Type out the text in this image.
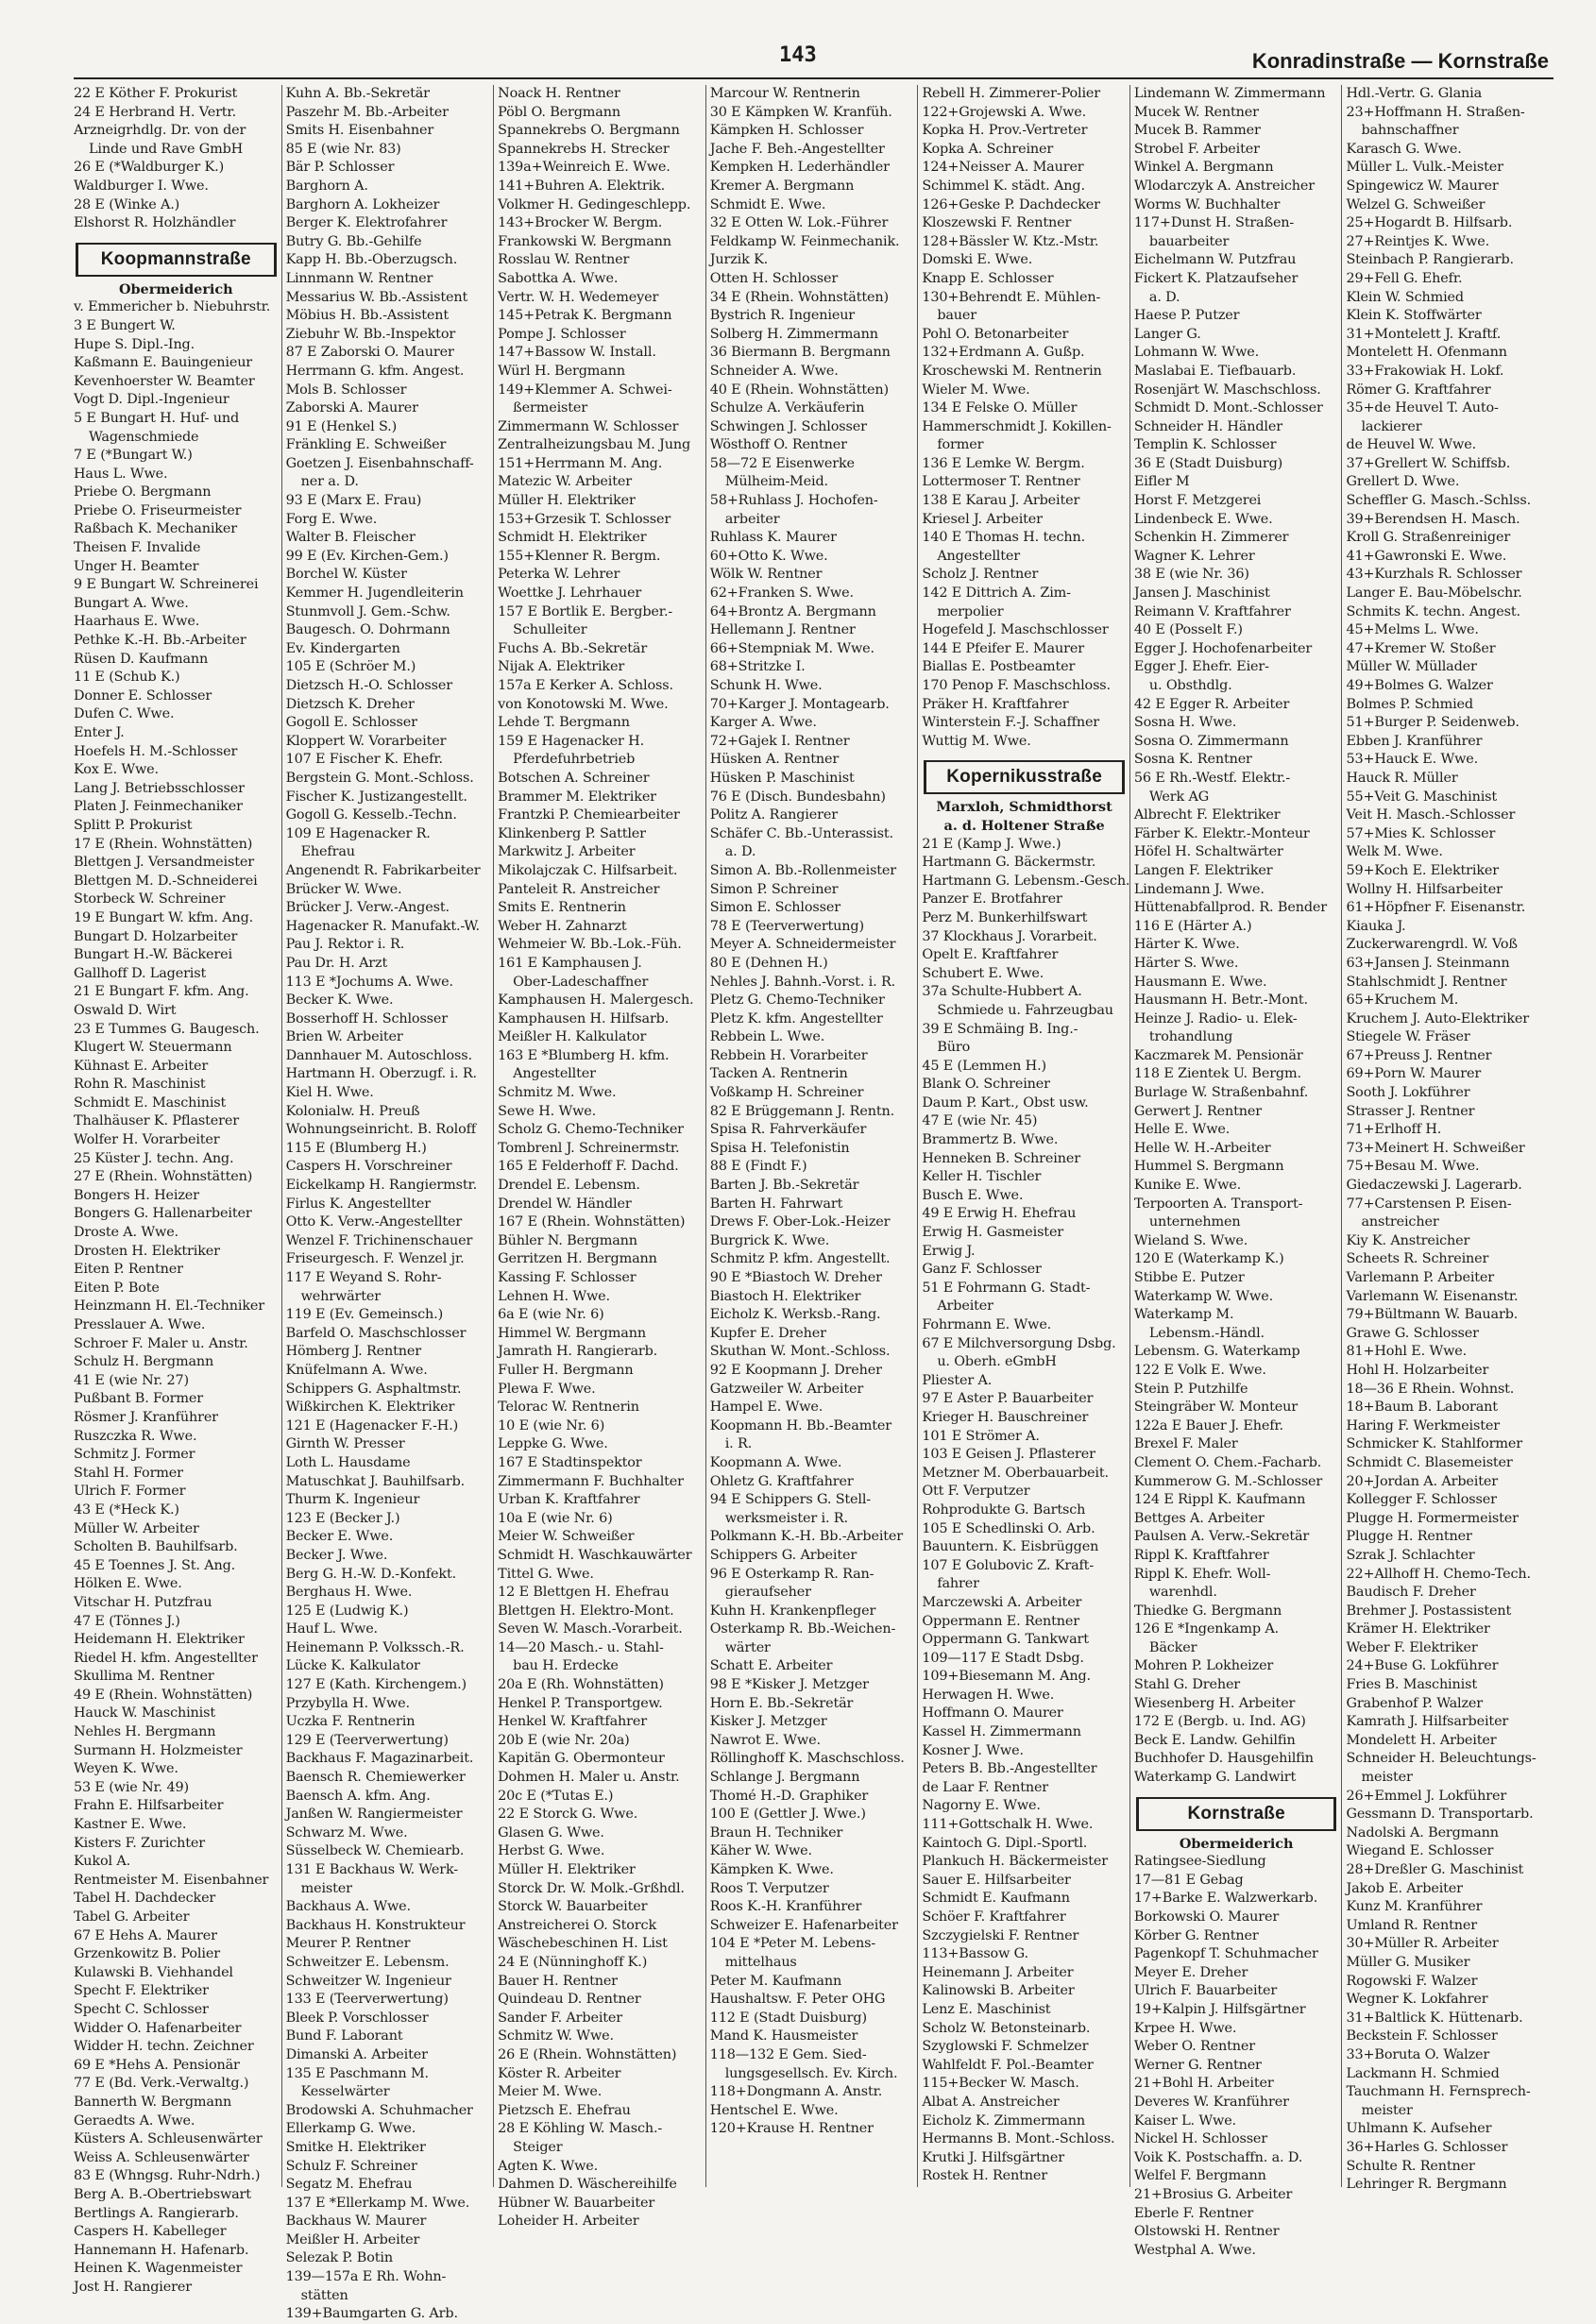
143	Konradinstraße — Kornstraße
22 E Köther F. Prokurist
24 E Herbrand H. Vertr.
Arzneigrhdlg. Dr. von der
Linde und Rave GmbH
26 E (*Waldburger K.)
Waldburger I. Wwe.
28 E (Winke A.)
Elshorst R. Holzhändler
Koopmannstraße
Obermeiderich
v. Emmericher b. Niebuhrstr.
3 E Bungert W.
Hupe S. Dipl.-Ing.
Kaßmann E. Bauingenieur
Kevenhoerster W. Beamter
Vogt D. Dipl.-Ingenieur
5 E Bungart H. Huf- und
Wagenschmiede
7 E (*Bungart W.)
Haus L. Wwe.
Priebe O. Bergmann
Priebe O. Friseurmeister
Raßbach K. Mechaniker
Theisen F. Invalide
Unger H. Beamter
9 E Bungart W. Schreinerei
Bungart A. Wwe.
Haarhaus E. Wwe.
Pethke K.-H. Bb.-Arbeiter
Rüsen D. Kaufmann
11 E (Schub K.)
Donner E. Schlosser
Dufen C. Wwe.
Enter J.
Hoefels H. M.-Schlosser
Kox E. Wwe.
Lang J. Betriebsschlosser
Platen J. Feinmechaniker
Splitt P. Prokurist
17 E (Rhein. Wohnstätten)
Blettgen J. Versandmeister
Blettgen M. D.-Schneiderei
Storbeck W. Schreiner
19 E Bungart W. kfm. Ang.
Bungart D. Holzarbeiter
Bungart H.-W. Bäckerei
Gallhoff D. Lagerist
21 E Bungart F. kfm. Ang.
Oswald D. Wirt
23 E Tummes G. Baugesch.
Klugert W. Steuermann
Kühnast E. Arbeiter
Rohn R. Maschinist
Schmidt E. Maschinist
Thalhäuser K. Pflasterer
Wolfer H. Vorarbeiter
25 Küster J. techn. Ang.
27 E (Rhein. Wohnstätten)
Bongers H. Heizer
Bongers G. Hallenarbeiter
Droste A. Wwe.
Drosten H. Elektriker
Eiten P. Rentner
Eiten P. Bote
Heinzmann H. El.-Techniker
Presslauer A. Wwe.
Schroer F. Maler u. Anstr.
Schulz H. Bergmann
41 E (wie Nr. 27)
Pußbant B. Former
Rösmer J. Kranführer
Ruszczka R. Wwe.
Schmitz J. Former
Stahl H. Former
Ulrich F. Former
43 E (*Heck K.)
Müller W. Arbeiter
Scholten B. Bauhilfsarb.
45 E Toennes J. St. Ang.
Hölken E. Wwe.
Vitschar H. Putzfrau
47 E (Tönnes J.)
Heidemann H. Elektriker
Riedel H. kfm. Angestellter
Skullima M. Rentner
49 E (Rhein. Wohnstätten)
Hauck W. Maschinist
Nehles H. Bergmann
Surmann H. Holzmeister
Weyen K. Wwe.
53 E (wie Nr. 49)
Frahn E. Hilfsarbeiter
Kastner E. Wwe.
Kisters F. Zurichter
Kukol A.
Rentmeister M. Eisenbahner
Tabel H. Dachdecker
Tabel G. Arbeiter
67 E Hehs A. Maurer
Grzenkowitz B. Polier
Kulawski B. Viehhandel
Specht F. Elektriker
Specht C. Schlosser
Widder O. Hafenarbeiter
Widder H. techn. Zeichner
69 E *Hehs A. Pensionär
77 E (Bd. Verk.-Verwaltg.)
Bannerth W. Bergmann
Geraedts A. Wwe.
Küsters A. Schleusenwärter
Weiss A. Schleusenwärter
83 E (Whngsg. Ruhr-Ndrh.)
Berg A. B.-Obertriebswart
Bertlings A. Rangierarb.
Caspers H. Kabelleger
Hannemann H. Hafenarb.
Heinen K. Wagenmeister
Jost H. Rangierer
Kuhn A. Bb.-Sekretär
Paszehr M. Bb.-Arbeiter
Smits H. Eisenbahner
85 E (wie Nr. 83)
Bär P. Schlosser
Barghorn A.
Barghorn A. Lokheizer
Berger K. Elektrofahrer
Butry G. Bb.-Gehilfe
Kapp H. Bb.-Oberzugsch.
Linnmann W. Rentner
Messarius W. Bb.-Assistent
Möbius H. Bb.-Assistent
Ziebuhr W. Bb.-Inspektor
87 E Zaborski O. Maurer
Herrmann G. kfm. Angest.
Mols B. Schlosser
Zaborski A. Maurer
91 E (Henkel S.)
Fränkling E. Schweißer
Goetzen J. Eisenbahnschaff-
ner a. D.
93 E (Marx E. Frau)
Forg E. Wwe.
Walter B. Fleischer
99 E (Ev. Kirchen-Gem.)
Borchel W. Küster
Kemmer H. Jugendleiterin
Stunmvoll J. Gem.-Schw.
Baugesch. O. Dohrmann
Ev. Kindergarten
105 E (Schröer M.)
Dietzsch H.-O. Schlosser
Dietzsch K. Dreher
Gogoll E. Schlosser
Kloppert W. Vorarbeiter
107 E Fischer K. Ehefr.
Bergstein G. Mont.-Schloss.
Fischer K. Justizangestellt.
Gogoll G. Kesselb.-Techn.
109 E Hagenacker R.
Ehefrau
Angenendt R. Fabrikarbeiter
Brücker W. Wwe.
Brücker J. Verw.-Angest.
Hagenacker R. Manufakt.-W.
Pau J. Rektor i. R.
Pau Dr. H. Arzt
113 E *Jochums A. Wwe.
Becker K. Wwe.
Bosserhoff H. Schlosser
Brien W. Arbeiter
Dannhauer M. Autoschloss.
Hartmann H. Oberzugf. i. R.
Kiel H. Wwe.
Kolonialw. H. Preuß
Wohnungseinricht. B. Roloff
115 E (Blumberg H.)
Caspers H. Vorschreiner
Eickelkamp H. Rangiermstr.
Firlus K. Angestellter
Otto K. Verw.-Angestellter
Wenzel F. Trichinenschauer
Friseurgesch. F. Wenzel jr.
117 E Weyand S. Rohr-
wehrwärter
119 E (Ev. Gemeinsch.)
Barfeld O. Maschschlosser
Hömberg J. Rentner
Knüfelmann A. Wwe.
Schippers G. Asphaltmstr.
Wißkirchen K. Elektriker
121 E (Hagenacker F.-H.)
Girnth W. Presser
Loth L. Hausdame
Matuschkat J. Bauhilfsarb.
Thurm K. Ingenieur
123 E (Becker J.)
Becker E. Wwe.
Becker J. Wwe.
Berg G. H.-W. D.-Konfekt.
Berghaus H. Wwe.
125 E (Ludwig K.)
Hauf L. Wwe.
Heinemann P. Volkssch.-R.
Lücke K. Kalkulator
127 E (Kath. Kirchengem.)
Przybylla H. Wwe.
Uczka F. Rentnerin
129 E (Teerverwertung)
Backhaus F. Magazinarbeit.
Baensch R. Chemiewerker
Baensch A. kfm. Ang.
Janßen W. Rangiermeister
Schwarz M. Wwe.
Süsselbeck W. Chemiearb.
131 E Backhaus W. Werk-
meister
Backhaus A. Wwe.
Backhaus H. Konstrukteur
Meurer P. Rentner
Schweitzer E. Lebensm.
Schweitzer W. Ingenieur
133 E (Teerverwertung)
Bleek P. Vorschlosser
Bund F. Laborant
Dimanski A. Arbeiter
135 E Paschmann M.
Kesselwärter
Brodowski A. Schuhmacher
Ellerkamp G. Wwe.
Smitke H. Elektriker
Schulz F. Schreiner
Segatz M. Ehefrau
137 E *Ellerkamp M. Wwe.
Backhaus W. Maurer
Meißler H. Arbeiter
Selezak P. Botin
139—157a E Rh. Wohn-
stätten
139+Baumgarten G. Arb.
Noack H. Rentner
Pöbl O. Bergmann
Spannekrebs O. Bergmann
Spannekrebs H. Strecker
139a+Weinreich E. Wwe.
141+Buhren A. Elektrik.
Volkmer H. Gedingeschlepp.
143+Brocker W. Bergm.
Frankowski W. Bergmann
Rosslau W. Rentner
Sabottka A. Wwe.
Vertr. W. H. Wedemeyer
145+Petrak K. Bergmann
Pompe J. Schlosser
147+Bassow W. Install.
Würl H. Bergmann
149+Klemmer A. Schwei-
ßermeister
Zimmermann W. Schlosser
Zentralheizungsbau M. Jung
151+Herrmann M. Ang.
Matezic W. Arbeiter
Müller H. Elektriker
153+Grzesik T. Schlosser
Schmidt H. Elektriker
155+Klenner R. Bergm.
Peterka W. Lehrer
Woettke J. Lehrhauer
157 E Bortlik E. Bergber.-
Schulleiter
Fuchs A. Bb.-Sekretär
Nijak A. Elektriker
157a E Kerker A. Schloss.
von Konotowski M. Wwe.
Lehde T. Bergmann
159 E Hagenacker H.
Pferdefuhrbetrieb
Botschen A. Schreiner
Brammer M. Elektriker
Frantzki P. Chemiearbeiter
Klinkenberg P. Sattler
Markwitz J. Arbeiter
Mikolajczak C. Hilfsarbeit.
Panteleit R. Anstreicher
Smits E. Rentnerin
Weber H. Zahnarzt
Wehmeier W. Bb.-Lok.-Füh.
161 E Kamphausen J.
Ober-Ladeschaffner
Kamphausen H. Malergesch.
Kamphausen H. Hilfsarb.
Meißler H. Kalkulator
163 E *Blumberg H. kfm.
Angestellter
Schmitz M. Wwe.
Sewe H. Wwe.
Scholz G. Chemo-Techniker
Tombrenl J. Schreinermstr.
165 E Felderhoff F. Dachd.
Drendel E. Lebensm.
Drendel W. Händler
167 E (Rhein. Wohnstätten)
Bühler N. Bergmann
Gerritzen H. Bergmann
Kassing F. Schlosser
Lehnen H. Wwe.
6a E (wie Nr. 6)
Himmel W. Bergmann
Jamrath H. Rangierarb.
Fuller H. Bergmann
Plewa F. Wwe.
Telorac W. Rentnerin
10 E (wie Nr. 6)
Leppke G. Wwe.
167 E Stadtinspektor
Zimmermann F. Buchhalter
Urban K. Kraftfahrer
10a E (wie Nr. 6)
Meier W. Schweißer
Schmidt H. Waschkauwärter
Tittel G. Wwe.
12 E Blettgen H. Ehefrau
Blettgen H. Elektro-Mont.
Seven W. Masch.-Vorarbeit.
14—20 Masch.- u. Stahl-
bau H. Erdecke
20a E (Rh. Wohnstätten)
Henkel P. Transportgew.
Henkel W. Kraftfahrer
20b E (wie Nr. 20a)
Kapitän G. Obermonteur
Dohmen H. Maler u. Anstr.
20c E (*Tutas E.)
22 E Storck G. Wwe.
Glasen G. Wwe.
Herbst G. Wwe.
Müller H. Elektriker
Storck Dr. W. Molk.-Grßhdl.
Storck W. Bauarbeiter
Anstreicherei O. Storck
Wäschebeschinen H. List
24 E (Nünninghoff K.)
Bauer H. Rentner
Quindeau D. Rentner
Sander F. Arbeiter
Schmitz W. Wwe.
26 E (Rhein. Wohnstätten)
Köster R. Arbeiter
Meier M. Wwe.
Pietzsch E. Ehefrau
28 E Köhling W. Masch.-
Steiger
Agten K. Wwe.
Dahmen D. Wäschereihilfe
Hübner W. Bauarbeiter
Loheider H. Arbeiter
Marcour W. Rentnerin
30 E Kämpken W. Kranfüh.
Kämpken H. Schlosser
Jache F. Beh.-Angestellter
Kempken H. Lederhändler
Kremer A. Bergmann
Schmidt E. Wwe.
32 E Otten W. Lok.-Führer
Feldkamp W. Feinmechanik.
Jurzik K.
Otten H. Schlosser
34 E (Rhein. Wohnstätten)
Bystrich R. Ingenieur
Solberg H. Zimmermann
36 Biermann B. Bergmann
Schneider A. Wwe.
40 E (Rhein. Wohnstätten)
Schulze A. Verkäuferin
Schwingen J. Schlosser
Wösthoff O. Rentner
58—72 E Eisenwerke
Mülheim-Meid.
58+Ruhlass J. Hochofen-
arbeiter
Ruhlass K. Maurer
60+Otto K. Wwe.
Wölk W. Rentner
62+Franken S. Wwe.
64+Brontz A. Bergmann
Hellemann J. Rentner
66+Stempniak M. Wwe.
68+Stritzke I.
Schunk H. Wwe.
70+Karger J. Montagearb.
Karger A. Wwe.
72+Gajek I. Rentner
Hüsken A. Rentner
Hüsken P. Maschinist
76 E (Disch. Bundesbahn)
Politz A. Rangierer
Schäfer C. Bb.-Unterassist.
a. D.
Simon A. Bb.-Rollenmeister
Simon P. Schreiner
Simon E. Schlosser
78 E (Teerverwertung)
Meyer A. Schneidermeister
80 E (Dehnen H.)
Nehles J. Bahnh.-Vorst. i. R.
Pletz G. Chemo-Techniker
Pletz K. kfm. Angestellter
Rebbein L. Wwe.
Rebbein H. Vorarbeiter
Tacken A. Rentnerin
Voßkamp H. Schreiner
82 E Brüggemann J. Rentn.
Spisa R. Fahrverkäufer
Spisa H. Telefonistin
88 E (Findt F.)
Barten J. Bb.-Sekretär
Barten H. Fahrwart
Drews F. Ober-Lok.-Heizer
Burgrick K. Wwe.
Schmitz P. kfm. Angestellt.
90 E *Biastoch W. Dreher
Biastoch H. Elektriker
Eicholz K. Werksb.-Rang.
Kupfer E. Dreher
Skuthan W. Mont.-Schloss.
92 E Koopmann J. Dreher
Gatzweiler W. Arbeiter
Hampel E. Wwe.
Koopmann H. Bb.-Beamter
i. R.
Koopmann A. Wwe.
Ohletz G. Kraftfahrer
94 E Schippers G. Stell-
werksmeister i. R.
Polkmann K.-H. Bb.-Arbeiter
Schippers G. Arbeiter
96 E Osterkamp R. Ran-
gieraufseher
Kuhn H. Krankenpfleger
Osterkamp R. Bb.-Weichen-
wärter
Schatt E. Arbeiter
98 E *Kisker J. Metzger
Horn E. Bb.-Sekretär
Kisker J. Metzger
Nawrot E. Wwe.
Röllinghoff K. Maschschloss.
Schlange J. Bergmann
Thomé H.-D. Graphiker
100 E (Gettler J. Wwe.)
Braun H. Techniker
Käher W. Wwe.
Kämpken K. Wwe.
Roos T. Verputzer
Roos K.-H. Kranführer
Schweizer E. Hafenarbeiter
104 E *Peter M. Lebens-
mittelhaus
Peter M. Kaufmann
Haushaltsw. F. Peter OHG
112 E (Stadt Duisburg)
Mand K. Hausmeister
118—132 E Gem. Sied-
lungsgesellsch. Ev. Kirch.
118+Dongmann A. Anstr.
Hentschel E. Wwe.
120+Krause H. Rentner
Rebell H. Zimmerer-Polier
122+Grojewski A. Wwe.
Kopka H. Prov.-Vertreter
Kopka A. Schreiner
124+Neisser A. Maurer
Schimmel K. städt. Ang.
126+Geske P. Dachdecker
Kloszewski F. Rentner
128+Bässler W. Ktz.-Mstr.
Domski E. Wwe.
Knapp E. Schlosser
130+Behrendt E. Mühlen-
bauer
Pohl O. Betonarbeiter
132+Erdmann A. Gußp.
Kroschewski M. Rentnerin
Wieler M. Wwe.
134 E Felske O. Müller
Hammerschmidt J. Kokillen-
former
136 E Lemke W. Bergm.
Lottermoser T. Rentner
138 E Karau J. Arbeiter
Kriesel J. Arbeiter
140 E Thomas H. techn.
Angestellter
Scholz J. Rentner
142 E Dittrich A. Zim-
merpolier
Hogefeld J. Maschschlosser
144 E Pfeifer E. Maurer
Biallas E. Postbeamter
170 Penop F. Maschschloss.
Präker H. Kraftfahrer
Winterstein F.-J. Schaffner
Wuttig M. Wwe.
Kopernikusstraße
Marxloh, Schmidthorst
a. d. Holtener Straße
21 E (Kamp J. Wwe.)
Hartmann G. Bäckermstr.
Hartmann G. Lebensm.-Gesch.
Panzer E. Brotfahrer
Perz M. Bunkerhilfswart
37 Klockhaus J. Vorarbeit.
Opelt E. Kraftfahrer
Schubert E. Wwe.
37a Schulte-Hubbert A.
Schmiede u. Fahrzeugbau
39 E Schmäing B. Ing.-
Büro
45 E (Lemmen H.)
Blank O. Schreiner
Daum P. Kart., Obst usw.
47 E (wie Nr. 45)
Brammertz B. Wwe.
Henneken B. Schreiner
Keller H. Tischler
Busch E. Wwe.
49 E Erwig H. Ehefrau
Erwig H. Gasmeister
Erwig J.
Ganz F. Schlosser
51 E Fohrmann G. Stadt-
Arbeiter
Fohrmann E. Wwe.
67 E Milchversorgung Dsbg.
u. Oberh. eGmbH
Pliester A.
97 E Aster P. Bauarbeiter
Krieger H. Bauschreiner
101 E Strömer A.
103 E Geisen J. Pflasterer
Metzner M. Oberbauarbeit.
Ott F. Verputzer
Rohprodukte G. Bartsch
105 E Schedlinski O. Arb.
Bauuntern. K. Eisbrüggen
107 E Golubovic Z. Kraft-
fahrer
Marczewski A. Arbeiter
Oppermann E. Rentner
Oppermann G. Tankwart
109—117 E Stadt Dsbg.
109+Biesemann M. Ang.
Herwagen H. Wwe.
Hoffmann O. Maurer
Kassel H. Zimmermann
Kosner J. Wwe.
Peters B. Bb.-Angestellter
de Laar F. Rentner
Nagorny E. Wwe.
111+Gottschalk H. Wwe.
Kaintoch G. Dipl.-Sportl.
Plankuch H. Bäckermeister
Sauer E. Hilfsarbeiter
Schmidt E. Kaufmann
Schöer F. Kraftfahrer
Szczygielski F. Rentner
113+Bassow G.
Heinemann J. Arbeiter
Kalinowski B. Arbeiter
Lenz E. Maschinist
Scholz W. Betonsteinarb.
Szyglowski F. Schmelzer
Wahlfeldt F. Pol.-Beamter
115+Becker W. Masch.
Albat A. Anstreicher
Eicholz K. Zimmermann
Hermanns B. Mont.-Schloss.
Krutki J. Hilfsgärtner
Rostek H. Rentner
Lindemann W. Zimmermann
Mucek W. Rentner
Mucek B. Rammer
Strobel F. Arbeiter
Winkel A. Bergmann
Wlodarczyk A. Anstreicher
Worms W. Buchhalter
117+Dunst H. Straßen-
bauarbeiter
Eichelmann W. Putzfrau
Fickert K. Platzaufseher
a. D.
Haese P. Putzer
Langer G.
Lohmann W. Wwe.
Maslabai E. Tiefbauarb.
Rosenjärt W. Maschschloss.
Schmidt D. Mont.-Schlosser
Schneider H. Händler
Templin K. Schlosser
36 E (Stadt Duisburg)
Eifler M
Horst F. Metzgerei
Lindenbeck E. Wwe.
Schenkin H. Zimmerer
Wagner K. Lehrer
38 E (wie Nr. 36)
Jansen J. Maschinist
Reimann V. Kraftfahrer
40 E (Posselt F.)
Egger J. Hochofenarbeiter
Egger J. Ehefr. Eier-
u. Obsthdlg.
42 E Egger R. Arbeiter
Sosna H. Wwe.
Sosna O. Zimmermann
Sosna K. Rentner
56 E Rh.-Westf. Elektr.-
Werk AG
Albrecht F. Elektriker
Färber K. Elektr.-Monteur
Höfel H. Schaltwärter
Langen F. Elektriker
Lindemann J. Wwe.
Hüttenabfallprod. R. Bender
116 E (Härter A.)
Härter K. Wwe.
Härter S. Wwe.
Hausmann E. Wwe.
Hausmann H. Betr.-Mont.
Heinze J. Radio- u. Elek-
trohandlung
Kaczmarek M. Pensionär
118 E Zientek U. Bergm.
Burlage W. Straßenbahnf.
Gerwert J. Rentner
Helle E. Wwe.
Helle W. H.-Arbeiter
Hummel S. Bergmann
Kunike E. Wwe.
Terpoorten A. Transport-
unternehmen
Wieland S. Wwe.
120 E (Waterkamp K.)
Stibbe E. Putzer
Waterkamp W. Wwe.
Waterkamp M.
Lebensm.-Händl.
Lebensm. G. Waterkamp
122 E Volk E. Wwe.
Stein P. Putzhilfe
Steingräber W. Monteur
122a E Bauer J. Ehefr.
Brexel F. Maler
Clement O. Chem.-Facharb.
Kummerow G. M.-Schlosser
124 E Rippl K. Kaufmann
Bettges A. Arbeiter
Paulsen A. Verw.-Sekretär
Rippl K. Kraftfahrer
Rippl K. Ehefr. Woll-
warenhdl.
Thiedke G. Bergmann
126 E *Ingenkamp A.
Bäcker
Mohren P. Lokheizer
Stahl G. Dreher
Wiesenberg H. Arbeiter
172 E (Bergb. u. Ind. AG)
Beck E. Landw. Gehilfin
Buchhofer D. Hausgehilfin
Waterkamp G. Landwirt
Kornstraße
Obermeiderich
Ratingsee-Siedlung
17—81 E Gebag
17+Barke E. Walzwerkarb.
Borkowski O. Maurer
Körber G. Rentner
Pagenkopf T. Schuhmacher
Meyer E. Dreher
Ulrich F. Bauarbeiter
19+Kalpin J. Hilfsgärtner
Krpee H. Wwe.
Weber O. Rentner
Werner G. Rentner
21+Bohl H. Arbeiter
Deveres W. Kranführer
Kaiser L. Wwe.
Nickel H. Schlosser
Voik K. Postschaffn. a. D.
Welfel F. Bergmann
21+Brosius G. Arbeiter
Eberle F. Rentner
Olstowski H. Rentner
Westphal A. Wwe.
Hdl.-Vertr. G. Glania
23+Hoffmann H. Straßen-
bahnschaffner
Karasch G. Wwe.
Müller L. Vulk.-Meister
Spingewicz W. Maurer
Welzel G. Schweißer
25+Hogardt B. Hilfsarb.
27+Reintjes K. Wwe.
Steinbach P. Rangierarb.
29+Fell G. Ehefr.
Klein W. Schmied
Klein K. Stoffwärter
31+Montelett J. Kraftf.
Montelett H. Ofenmann
33+Frakowiak H. Lokf.
Römer G. Kraftfahrer
35+de Heuvel T. Auto-
lackierer
de Heuvel W. Wwe.
37+Grellert W. Schiffsb.
Grellert D. Wwe.
Scheffler G. Masch.-Schlss.
39+Berendsen H. Masch.
Kroll G. Straßenreiniger
41+Gawronski E. Wwe.
43+Kurzhals R. Schlosser
Langer E. Bau-Möbelschr.
Schmits K. techn. Angest.
45+Melms L. Wwe.
47+Kremer W. Stoßer
Müller W. Müllader
49+Bolmes G. Walzer
Bolmes P. Schmied
51+Burger P. Seidenweb.
Ebben J. Kranführer
53+Hauck E. Wwe.
Hauck R. Müller
55+Veit G. Maschinist
Veit H. Masch.-Schlosser
57+Mies K. Schlosser
Welk M. Wwe.
59+Koch E. Elektriker
Wollny H. Hilfsarbeiter
61+Höpfner F. Eisenanstr.
Kiauka J.
Zuckerwarengrdl. W. Voß
63+Jansen J. Steinmann
Stahlschmidt J. Rentner
65+Kruchem M.
Kruchem J. Auto-Elektriker
Stiegele W. Fräser
67+Preuss J. Rentner
69+Porn W. Maurer
Sooth J. Lokführer
Strasser J. Rentner
71+Erlhoff H.
73+Meinert H. Schweißer
75+Besau M. Wwe.
Giedaczewski J. Lagerarb.
77+Carstensen P. Eisen-
anstreicher
Kiy K. Anstreicher
Scheets R. Schreiner
Varlemann P. Arbeiter
Varlemann W. Eisenanstr.
79+Bültmann W. Bauarb.
Grawe G. Schlosser
81+Hohl E. Wwe.
Hohl H. Holzarbeiter
18—36 E Rhein. Wohnst.
18+Baum B. Laborant
Haring F. Werkmeister
Schmicker K. Stahlformer
Schmidt C. Blasemeister
20+Jordan A. Arbeiter
Kollegger F. Schlosser
Plugge H. Formermeister
Plugge H. Rentner
Szrak J. Schlachter
22+Allhoff H. Chemo-Tech.
Baudisch F. Dreher
Brehmer J. Postassistent
Krämer H. Elektriker
Weber F. Elektriker
24+Buse G. Lokführer
Fries B. Maschinist
Grabenhof P. Walzer
Kamrath J. Hilfsarbeiter
Mondelett H. Arbeiter
Schneider H. Beleuchtungs-
meister
26+Emmel J. Lokführer
Gessmann D. Transportarb.
Nadolski A. Bergmann
Wiegand E. Schlosser
28+Dreßler G. Maschinist
Jakob E. Arbeiter
Kunz M. Kranführer
Umland R. Rentner
30+Müller R. Arbeiter
Müller G. Musiker
Rogowski F. Walzer
Wegner K. Lokfahrer
31+Baltlick K. Hüttenarb.
Beckstein F. Schlosser
33+Boruta O. Walzer
Lackmann H. Schmied
Tauchmann H. Fernsprech-
meister
Uhlmann K. Aufseher
36+Harles G. Schlosser
Schulte R. Rentner
Lehringer R. Bergmann
